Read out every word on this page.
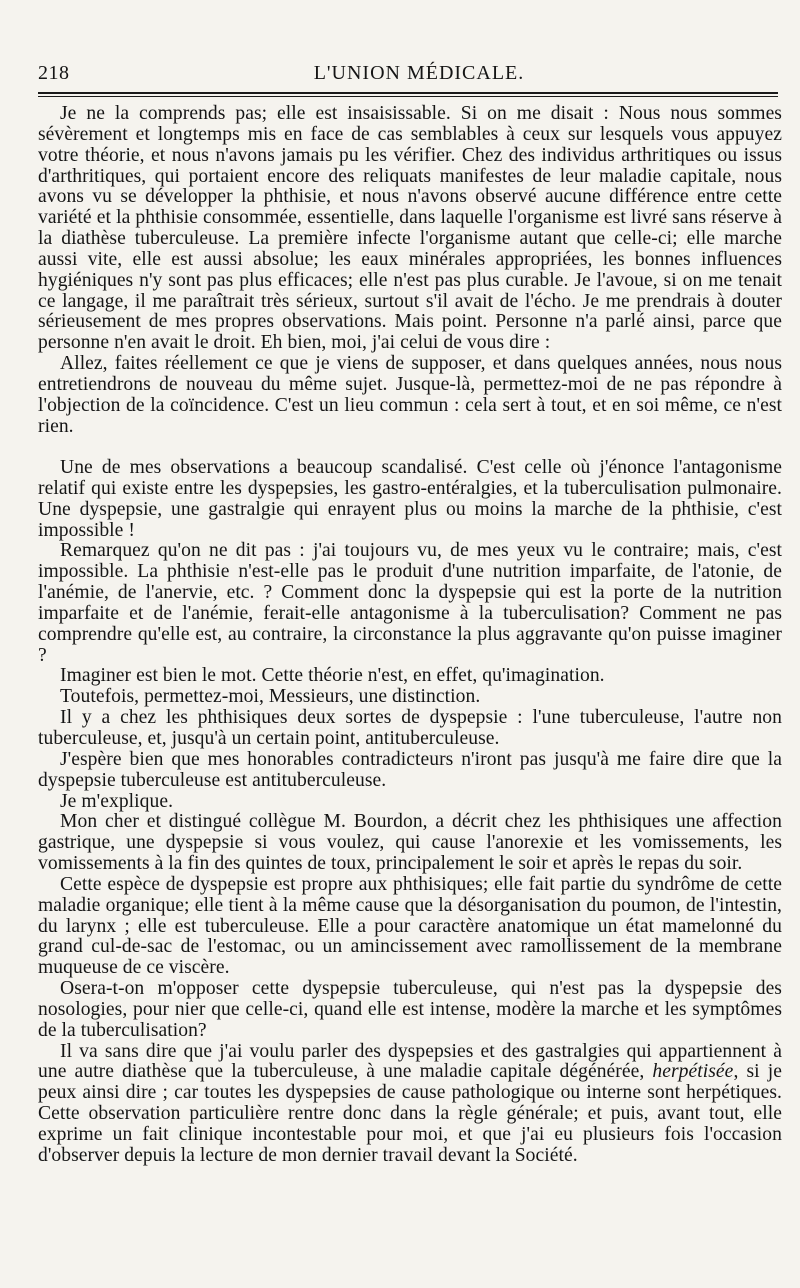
218	L'UNION MÉDICALE.

Je ne la comprends pas; elle est insaisissable. Si on me disait : Nous nous sommes sévèrement et longtemps mis en face de cas semblables à ceux sur lesquels vous appuyez votre théorie, et nous n'avons jamais pu les vérifier. Chez des individus arthritiques ou issus d'arthritiques, qui portaient encore des reliquats manifestes de leur maladie capitale, nous avons vu se développer la phthisie, et nous n'avons observé aucune différence entre cette variété et la phthisie consommée, essentielle, dans laquelle l'organisme est livré sans réserve à la diathèse tuberculeuse. La première infecte l'organisme autant que celle-ci; elle marche aussi vite, elle est aussi absolue; les eaux minérales appropriées, les bonnes influences hygiéniques n'y sont pas plus efficaces; elle n'est pas plus curable. Je l'avoue, si on me tenait ce langage, il me paraîtrait très sérieux, surtout s'il avait de l'écho. Je me prendrais à douter sérieusement de mes propres observations. Mais point. Personne n'a parlé ainsi, parce que personne n'en avait le droit. Eh bien, moi, j'ai celui de vous dire :

Allez, faites réellement ce que je viens de supposer, et dans quelques années, nous nous entretiendrons de nouveau du même sujet. Jusque-là, permettez-moi de ne pas répondre à l'objection de la coïncidence. C'est un lieu commun : cela sert à tout, et en soi même, ce n'est rien.

Une de mes observations a beaucoup scandalisé. C'est celle où j'énonce l'antagonisme relatif qui existe entre les dyspepsies, les gastro-entéralgies, et la tuberculisation pulmonaire. Une dyspepsie, une gastralgie qui enrayent plus ou moins la marche de la phthisie, c'est impossible !

Remarquez qu'on ne dit pas : j'ai toujours vu, de mes yeux vu le contraire; mais, c'est impossible. La phthisie n'est-elle pas le produit d'une nutrition imparfaite, de l'atonie, de l'anémie, de l'anervie, etc. ? Comment donc la dyspepsie qui est la porte de la nutrition imparfaite et de l'anémie, ferait-elle antagonisme à la tuberculisation? Comment ne pas comprendre qu'elle est, au contraire, la circonstance la plus aggravante qu'on puisse imaginer ?

Imaginer est bien le mot. Cette théorie n'est, en effet, qu'imagination.

Toutefois, permettez-moi, Messieurs, une distinction.

Il y a chez les phthisiques deux sortes de dyspepsie : l'une tuberculeuse, l'autre non tuberculeuse, et, jusqu'à un certain point, antituberculeuse.

J'espère bien que mes honorables contradicteurs n'iront pas jusqu'à me faire dire que la dyspepsie tuberculeuse est antituberculeuse.

Je m'explique.

Mon cher et distingué collègue M. Bourdon, a décrit chez les phthisiques une affection gastrique, une dyspepsie si vous voulez, qui cause l'anorexie et les vomissements, les vomissements à la fin des quintes de toux, principalement le soir et après le repas du soir.

Cette espèce de dyspepsie est propre aux phthisiques; elle fait partie du syndrôme de cette maladie organique; elle tient à la même cause que la désorganisation du poumon, de l'intestin, du larynx ; elle est tuberculeuse. Elle a pour caractère anatomique un état mamelonné du grand cul-de-sac de l'estomac, ou un amincissement avec ramollissement de la membrane muqueuse de ce viscère.

Osera-t-on m'opposer cette dyspepsie tuberculeuse, qui n'est pas la dyspepsie des nosologies, pour nier que celle-ci, quand elle est intense, modère la marche et les symptômes de la tuberculisation?

Il va sans dire que j'ai voulu parler des dyspepsies et des gastralgies qui appartiennent à une autre diathèse que la tuberculeuse, à une maladie capitale dégénérée, herpétisée, si je peux ainsi dire ; car toutes les dyspepsies de cause pathologique ou interne sont herpétiques. Cette observation particulière rentre donc dans la règle générale; et puis, avant tout, elle exprime un fait clinique incontestable pour moi, et que j'ai eu plusieurs fois l'occasion d'observer depuis la lecture de mon dernier travail devant la Société.
